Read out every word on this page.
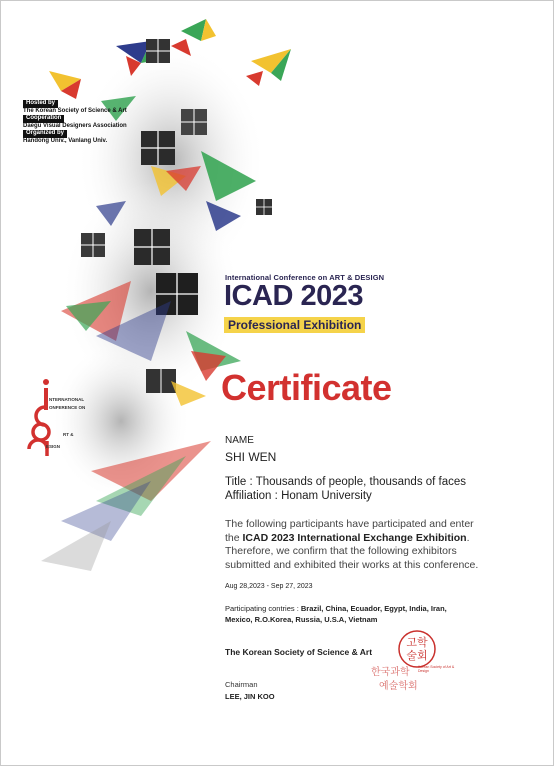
Hosted by
The Korean Society of Science & Art
Cooperation
Daegu Visual Designers Association
Organized by
Handong Univ., Vanlang Univ.
NTERNATIONAL
ONFERENCE ON
RT &
ESIGN
International Conference on ART & DESIGN
ICAD 2023
Professional Exhibition
Certificate
NAME
SHI WEN
Title : Thousands of people, thousands of faces
Affiliation : Honam University
The following participants have participated and enter
the ICAD 2023 International Exchange Exhibition.
Therefore, we confirm that the following exhibitors
submitted and exhibited their works at this conference.
Aug 28,2023 - Sep 27, 2023
Participating contries : Brazil, China, Ecuador, Egypt, India, Iran,
Mexico, R.O.Korea, Russia, U.S.A, Vietnam
The Korean Society of Science & Art
고학
술회
한국과학
예술학회
Korean Society of Art & Design
Chairman
LEE, JIN KOO
